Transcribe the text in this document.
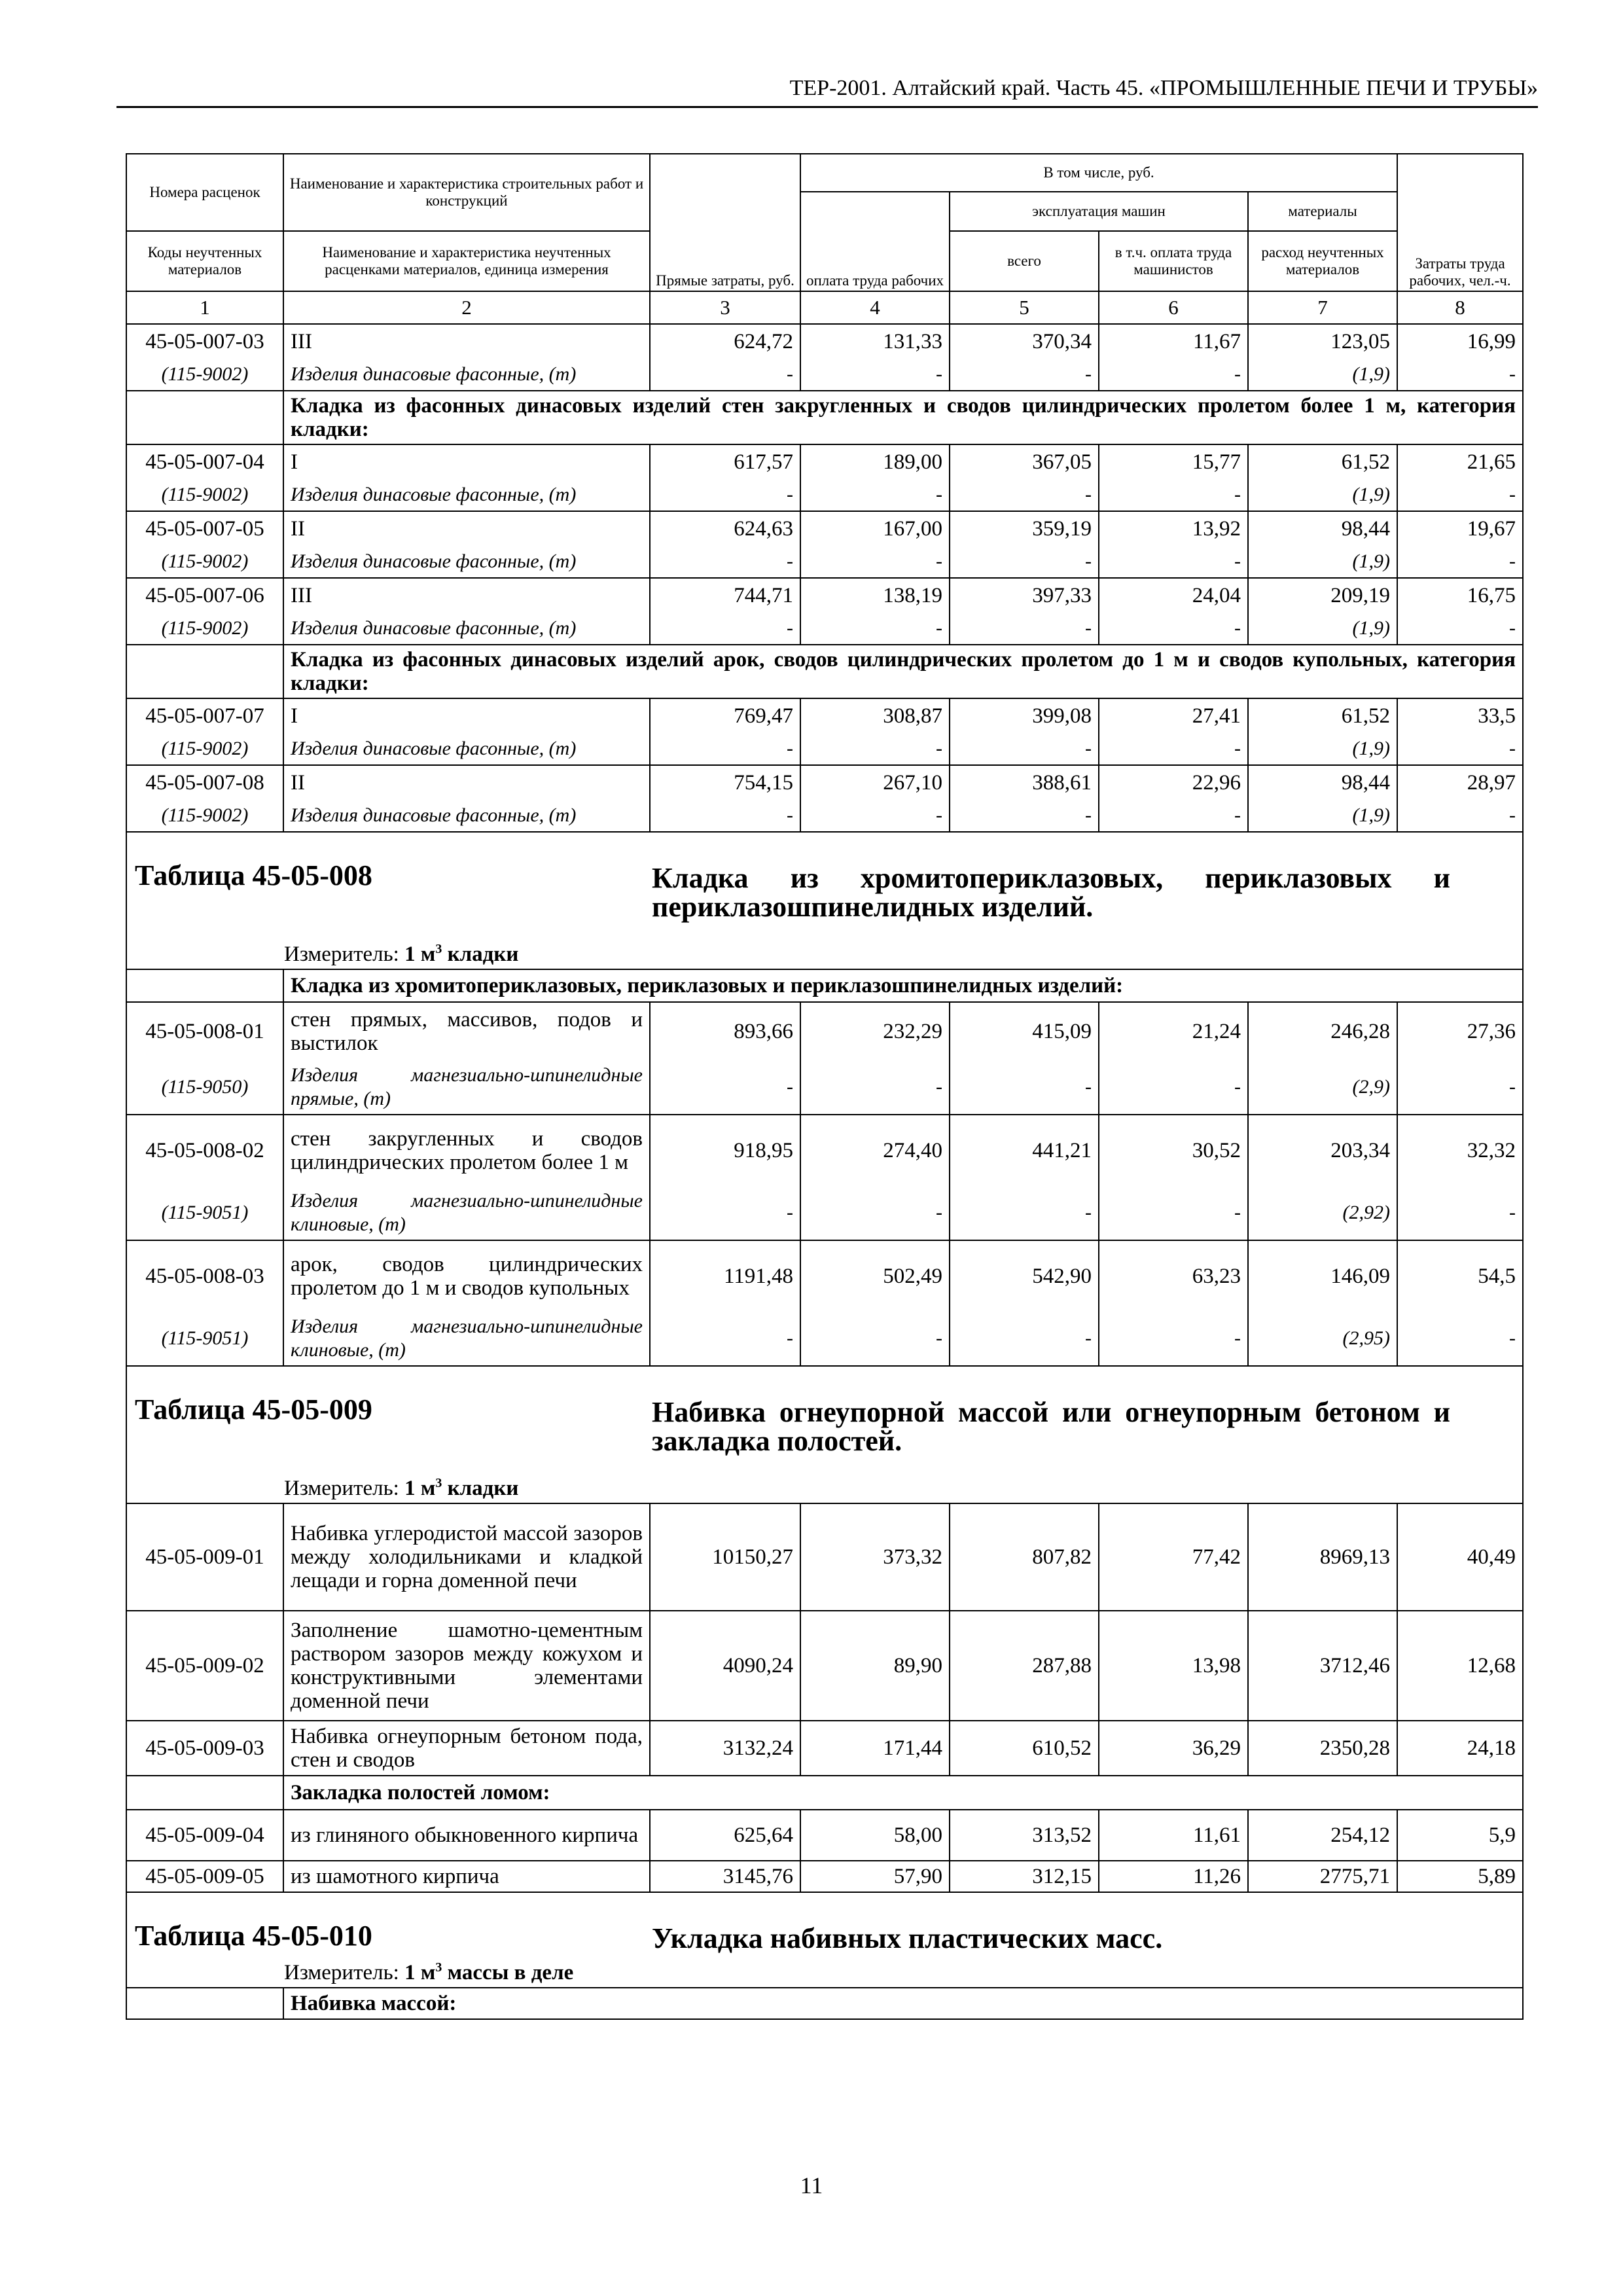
ТЕР-2001. Алтайский край. Часть 45. «ПРОМЫШЛЕННЫЕ ПЕЧИ И ТРУБЫ»
Номера расценок	Наименование и характеристика строительных работ и конструкций	Прямые затраты, руб.	В том числе, руб.				Затраты труда рабочих, чел.-ч.
			оплата труда рабочих	эксплуатация машин		материалы	
Коды неучтенных материалов	Наименование и характеристика неучтенных расценками материалов, единица измерения			всего	в т.ч. оплата труда машинистов	расход неучтенных материалов	
1	2	3	4	5	6	7	8
45-05-007-03	III	624,72	131,33	370,34	11,67	123,05	16,99
(115-9002)	Изделия динасовые фасонные, (т)	-	-	-	-	(1,9)	-
	Кладка из фасонных динасовых изделий стен закругленных и сводов цилиндрических пролетом более 1 м, категория кладки:						
45-05-007-04	I	617,57	189,00	367,05	15,77	61,52	21,65
(115-9002)	Изделия динасовые фасонные, (т)	-	-	-	-	(1,9)	-
45-05-007-05	II	624,63	167,00	359,19	13,92	98,44	19,67
(115-9002)	Изделия динасовые фасонные, (т)	-	-	-	-	(1,9)	-
45-05-007-06	III	744,71	138,19	397,33	24,04	209,19	16,75
(115-9002)	Изделия динасовые фасонные, (т)	-	-	-	-	(1,9)	-
	Кладка из фасонных динасовых изделий арок, сводов цилиндрических пролетом до 1 м и сводов купольных, категория кладки:						
45-05-007-07	I	769,47	308,87	399,08	27,41	61,52	33,5
(115-9002)	Изделия динасовые фасонные, (т)	-	-	-	-	(1,9)	-
45-05-007-08	II	754,15	267,10	388,61	22,96	98,44	28,97
(115-9002)	Изделия динасовые фасонные, (т)	-	-	-	-	(1,9)	-

Таблица 45-05-008 Кладка из хромитопериклазовых, периклазовых и периклазошпинелидных изделий.
Измеритель: 1 $м^3$ кладки							

	Кладка из хромитопериклазовых, периклазовых и периклазошпинелидных изделий:						
45-05-008-01	стен прямых, массивов, подов и выстилок	893,66	232,29	415,09	21,24	246,28	27,36
(115-9050)	Изделия магнезиально-шпинелидные прямые, (т)	-	-	-	-	(2,9)	-
45-05-008-02	стен закругленных и сводов цилиндрических пролетом более 1 м	918,95	274,40	441,21	30,52	203,34	32,32
(115-9051)	Изделия магнезиально-шпинелидные клиновые, (т)	-	-	-	-	(2,92)	-
45-05-008-03	арок, сводов цилиндрических пролетом до 1 м и сводов купольных	1191,48	502,49	542,90	63,23	146,09	54,5
(115-9051)	Изделия магнезиально-шпинелидные клиновые, (т)	-	-	-	-	(2,95)	-

Таблица 45-05-009 Набивка огнеупорной массой или огнеупорным бетоном и закладка полостей.
Измеритель: 1 $м^3$ кладки							

45-05-009-01	Набивка углеродистой массой зазоров между холодильниками и кладкой лещади и горна доменной печи	10150,27	373,32	807,82	77,42	8969,13	40,49
45-05-009-02	Заполнение шамотно-цементным раствором зазоров между кожухом и конструктивными элементами доменной печи	4090,24	89,90	287,88	13,98	3712,46	12,68
45-05-009-03	Набивка огнеупорным бетоном пода, стен и сводов	3132,24	171,44	610,52	36,29	2350,28	24,18
	Закладка полостей ломом:						
45-05-009-04	из глиняного обыкновенного кирпича	625,64	58,00	313,52	11,61	254,12	5,9
45-05-009-05	из шамотного кирпича	3145,76	57,90	312,15	11,26	2775,71	5,89

Таблица 45-05-010 Укладка набивных пластических масс.
Измеритель: 1 $м^3$ массы в деле							

	Набивка массой:						
11
